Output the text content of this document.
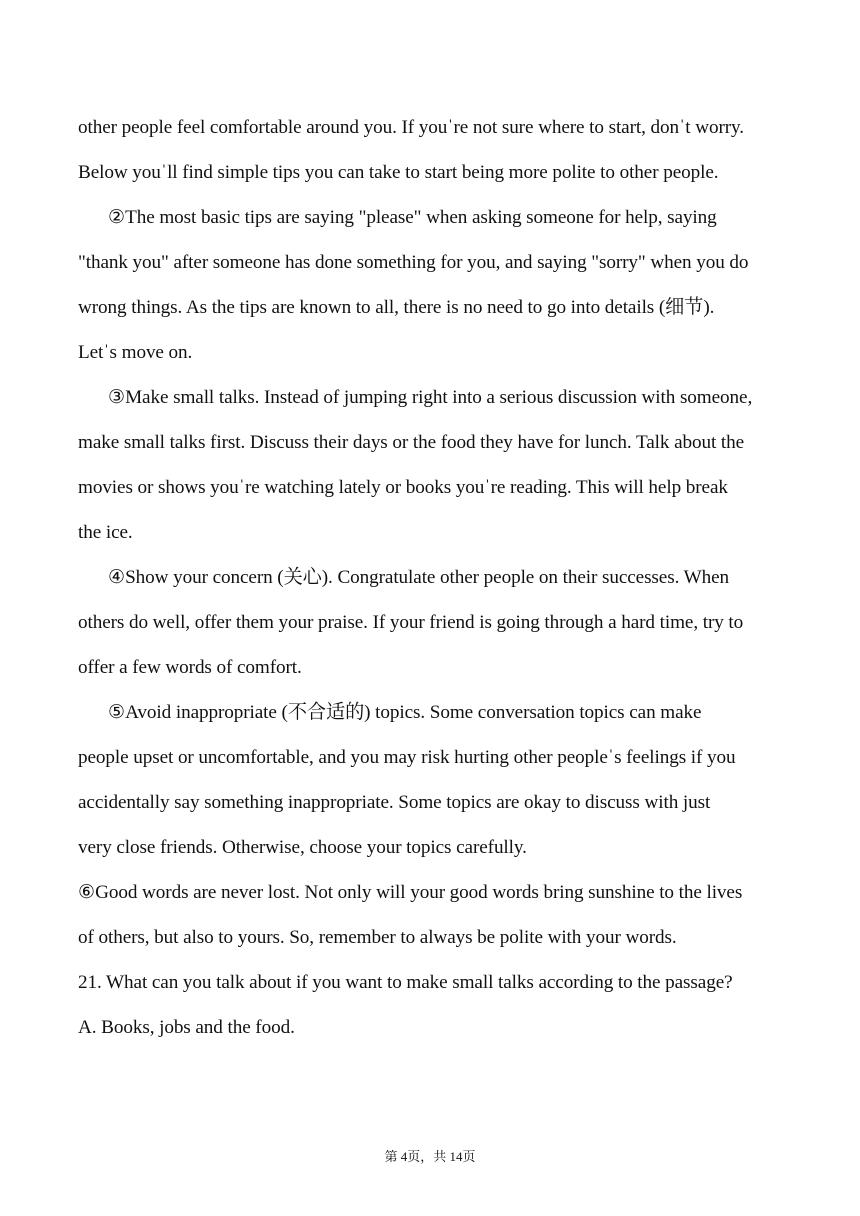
other people feel comfortable around you. If youˈre not sure where to start, donˈt worry.
Below youˈll find simple tips you can take to start being more polite to other people.
②The most basic tips are saying "please" when asking someone for help, saying
"thank you" after someone has done something for you, and saying "sorry" when you do
wrong things. As the tips are known to all, there is no need to go into details (细节).
Letˈs move on.
③Make small talks. Instead of jumping right into a serious discussion with someone,
make small talks first. Discuss their days or the food they have for lunch. Talk about the
movies or shows youˈre watching lately or books youˈre reading. This will help break
the ice.
④Show your concern (关心). Congratulate other people on their successes. When
others do well, offer them your praise. If your friend is going through a hard time, try to
offer a few words of comfort.
⑤Avoid inappropriate (不合适的) topics. Some conversation topics can make
people upset or uncomfortable, and you may risk hurting other peopleˈs feelings if you
accidentally say something inappropriate. Some topics are okay to discuss with just
very close friends. Otherwise, choose your topics carefully.
⑥Good words are never lost. Not only will your good words bring sunshine to the lives
of others, but also to yours. So, remember to always be polite with your words.
21. What can you talk about if you want to make small talks according to the passage?
A. Books, jobs and the food.
第 4页，共 14页
